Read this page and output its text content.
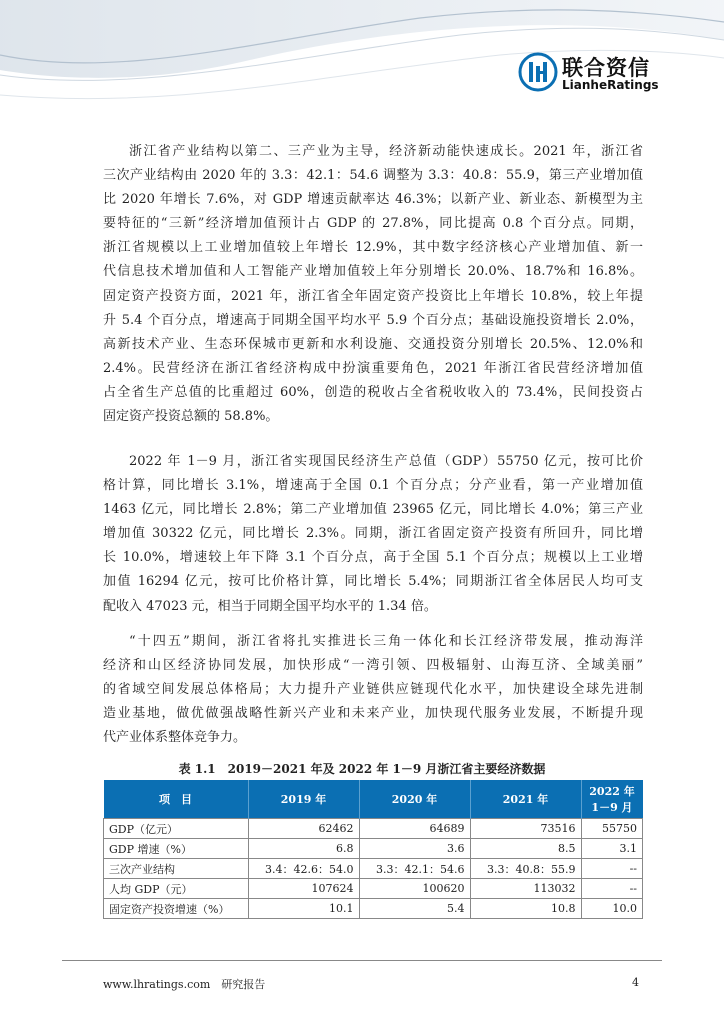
联合资信
LianheRatings

浙江省产业结构以第二、三产业为主导，经济新动能快速成长。2021 年，浙江省
三次产业结构由 2020 年的 3.3：42.1：54.6 调整为 3.3：40.8：55.9，第三产业增加值
比 2020 年增长 7.6%，对 GDP 增速贡献率达 46.3%；以新产业、新业态、新模型为主
要特征的“三新”经济增加值预计占 GDP 的 27.8%，同比提高 0.8 个百分点。同期，
浙江省规模以上工业增加值较上年增长 12.9%，其中数字经济核心产业增加值、新一
代信息技术增加值和人工智能产业增加值较上年分别增长 20.0%、18.7%和 16.8%。
固定资产投资方面，2021 年，浙江省全年固定资产投资比上年增长 10.8%，较上年提
升 5.4 个百分点，增速高于同期全国平均水平 5.9 个百分点；基础设施投资增长 2.0%，
高新技术产业、生态环保城市更新和水利设施、交通投资分别增长 20.5%、12.0%和
2.4%。民营经济在浙江省经济构成中扮演重要角色，2021 年浙江省民营经济增加值
占全省生产总值的比重超过 60%，创造的税收占全省税收收入的 73.4%，民间投资占
固定资产投资总额的 58.8%。

2022 年 1－9 月，浙江省实现国民经济生产总值（GDP）55750 亿元，按可比价
格计算，同比增长 3.1%，增速高于全国 0.1 个百分点；分产业看，第一产业增加值
1463 亿元，同比增长 2.8%；第二产业增加值 23965 亿元，同比增长 4.0%；第三产业
增加值 30322 亿元，同比增长 2.3%。同期，浙江省固定资产投资有所回升，同比增
长 10.0%，增速较上年下降 3.1 个百分点，高于全国 5.1 个百分点；规模以上工业增
加值 16294 亿元，按可比价格计算，同比增长 5.4%；同期浙江省全体居民人均可支
配收入 47023 元，相当于同期全国平均水平的 1.34 倍。

“十四五”期间，浙江省将扎实推进长三角一体化和长江经济带发展，推动海洋
经济和山区经济协同发展，加快形成“一湾引领、四极辐射、山海互济、全域美丽”
的省域空间发展总体格局；大力提升产业链供应链现代化水平，加快建设全球先进制
造业基地，做优做强战略性新兴产业和未来产业，加快现代服务业发展，不断提升现
代产业体系整体竞争力。

表 1.1　2019－2021 年及 2022 年 1－9 月浙江省主要经济数据
项　目	2019 年	2020 年	2021 年	2022 年
1－9 月

GDP（亿元）	62462	64689	73516	55750
GDP 增速（%）	6.8	3.6	8.5	3.1
三次产业结构	3.4：42.6：54.0	3.3：42.1：54.6	3.3：40.8：55.9	--
人均 GDP（元）	107624	100620	113032	--
固定资产投资增速（%）	10.1	5.4	10.8	10.0
www.lhratings.com　研究报告	4
